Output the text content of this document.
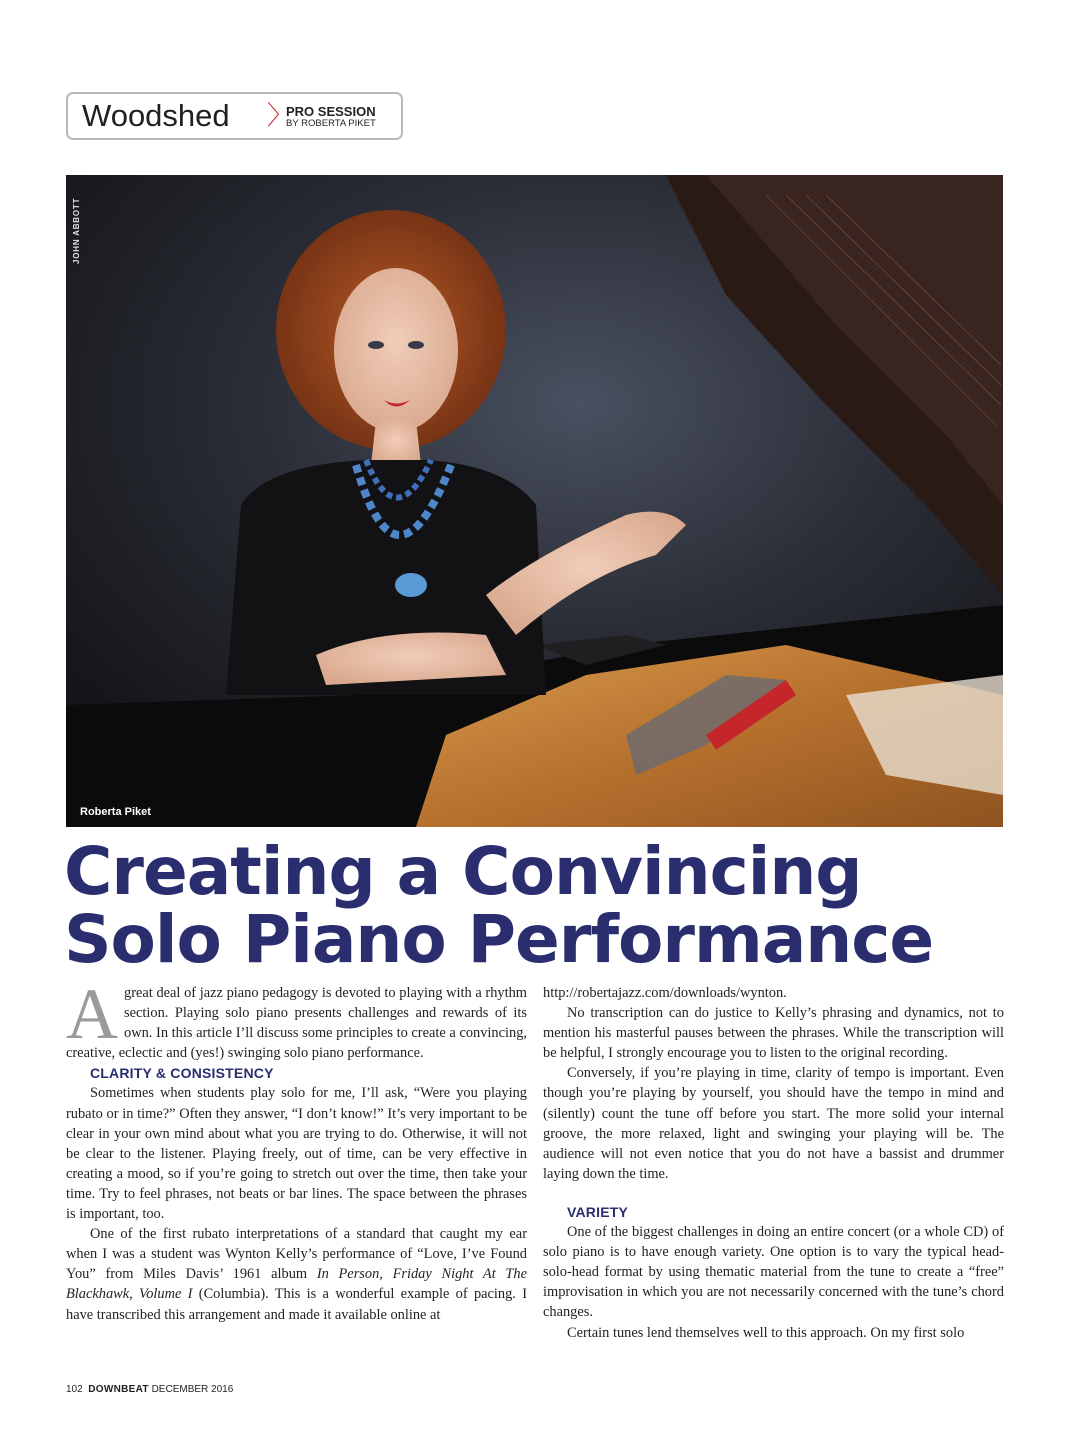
Woodshed 〉
PRO SESSION
BY ROBERTA PIKET
JOHN ABBOTT
Roberta Piket
Creating a Convincing
Solo Piano Performance

Agreat deal of jazz piano pedagogy is devoted to playing with a rhythm section. Playing solo piano presents challenges and rewards of its own. In this article I’ll discuss some principles to create a convincing, creative, eclectic and (yes!) swinging solo piano performance.

CLARITY & CONSISTENCY

Sometimes when students play solo for me, I’ll ask, “Were you playing rubato or in time?” Often they answer, “I don’t know!” It’s very important to be clear in your own mind about what you are trying to do. Otherwise, it will not be clear to the listener. Playing freely, out of time, can be very effective in creating a mood, so if you’re going to stretch out over the time, then take your time. Try to feel phrases, not beats or bar lines. The space between the phrases is important, too.

One of the first rubato interpretations of a standard that caught my ear when I was a student was Wynton Kelly’s performance of “Love, I’ve Found You” from Miles Davis’ 1961 album In Person, Friday Night At The Blackhawk, Volume I (Columbia). This is a wonderful example of pacing. I have transcribed this arrangement and made it available online at

http://robertajazz.com/downloads/wynton.

No transcription can do justice to Kelly’s phrasing and dynamics, not to mention his masterful pauses between the phrases. While the transcription will be helpful, I strongly encourage you to listen to the original recording.

Conversely, if you’re playing in time, clarity of tempo is important. Even though you’re playing by yourself, you should have the tempo in mind and (silently) count the tune off before you start. The more solid your internal groove, the more relaxed, light and swinging your playing will be. The audience will not even notice that you do not have a bassist and drummer laying down the time.

VARIETY

One of the biggest challenges in doing an entire concert (or a whole CD) of solo piano is to have enough variety. One option is to vary the typical head-solo-head format by using thematic material from the tune to create a “free” improvisation in which you are not necessarily concerned with the tune’s chord changes.

Certain tunes lend themselves well to this approach. On my first solo

102 DOWNBEAT DECEMBER 2016
